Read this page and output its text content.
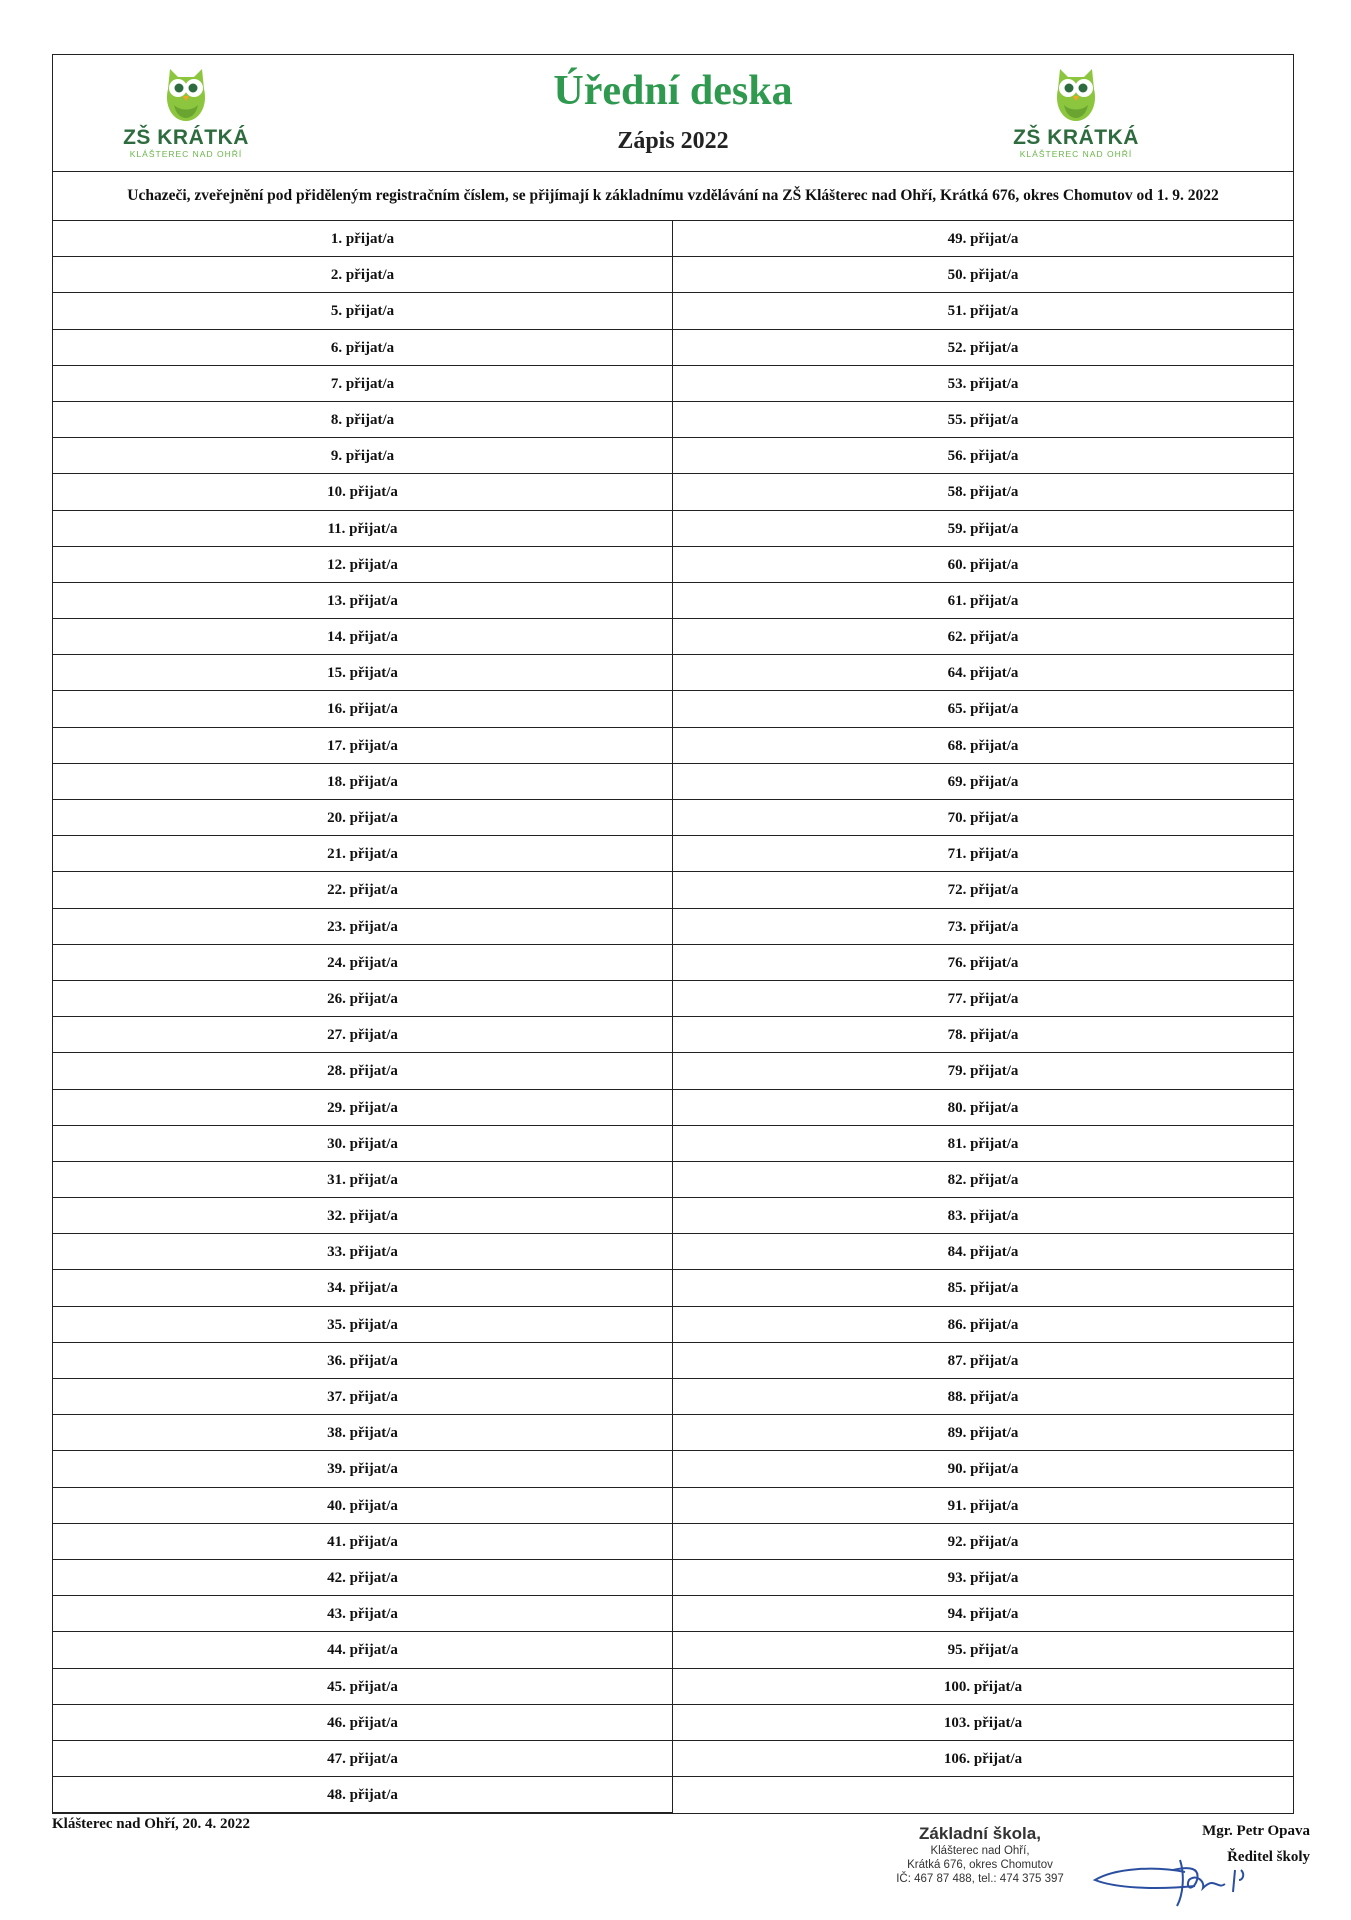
ZŠ KRÁTKÁ
KLÁŠTEREC NAD OHŘÍ
Úřední deska
Zápis 2022	ZŠ KRÁTKÁ
KLÁŠTEREC NAD OHŘÍ
Uchazeči, zveřejnění pod přiděleným registračním číslem, se přijímají k základnímu vzdělávání na ZŠ Klášterec nad Ohří, Krátká 676, okres Chomutov od 1. 9. 2022
1. přijat/a
2. přijat/a
5. přijat/a
6. přijat/a
7. přijat/a
8. přijat/a
9. přijat/a
10. přijat/a
11. přijat/a
12. přijat/a
13. přijat/a
14. přijat/a
15. přijat/a
16. přijat/a
17. přijat/a
18. přijat/a
20. přijat/a
21. přijat/a
22. přijat/a
23. přijat/a
24. přijat/a
26. přijat/a
27. přijat/a
28. přijat/a
29. přijat/a
30. přijat/a
31. přijat/a
32. přijat/a
33. přijat/a
34. přijat/a
35. přijat/a
36. přijat/a
37. přijat/a
38. přijat/a
39. přijat/a
40. přijat/a
41. přijat/a
42. přijat/a
43. přijat/a
44. přijat/a
45. přijat/a
46. přijat/a
47. přijat/a
48. přijat/a
49. přijat/a
50. přijat/a
51. přijat/a
52. přijat/a
53. přijat/a
55. přijat/a
56. přijat/a
58. přijat/a
59. přijat/a
60. přijat/a
61. přijat/a
62. přijat/a
64. přijat/a
65. přijat/a
68. přijat/a
69. přijat/a
70. přijat/a
71. přijat/a
72. přijat/a
73. přijat/a
76. přijat/a
77. přijat/a
78. přijat/a
79. přijat/a
80. přijat/a
81. přijat/a
82. přijat/a
83. přijat/a
84. přijat/a
85. přijat/a
86. přijat/a
87. přijat/a
88. přijat/a
89. přijat/a
90. přijat/a
91. přijat/a
92. přijat/a
93. přijat/a
94. přijat/a
95. přijat/a
100. přijat/a
103. přijat/a
106. přijat/a
Klášterec nad Ohří, 20. 4. 2022	Základní škola,
Klášterec nad Ohří,
Krátká 676, okres Chomutov
IČ: 467 87 488, tel.: 474 375 397
Mgr. Petr Opava
Ředitel školy
